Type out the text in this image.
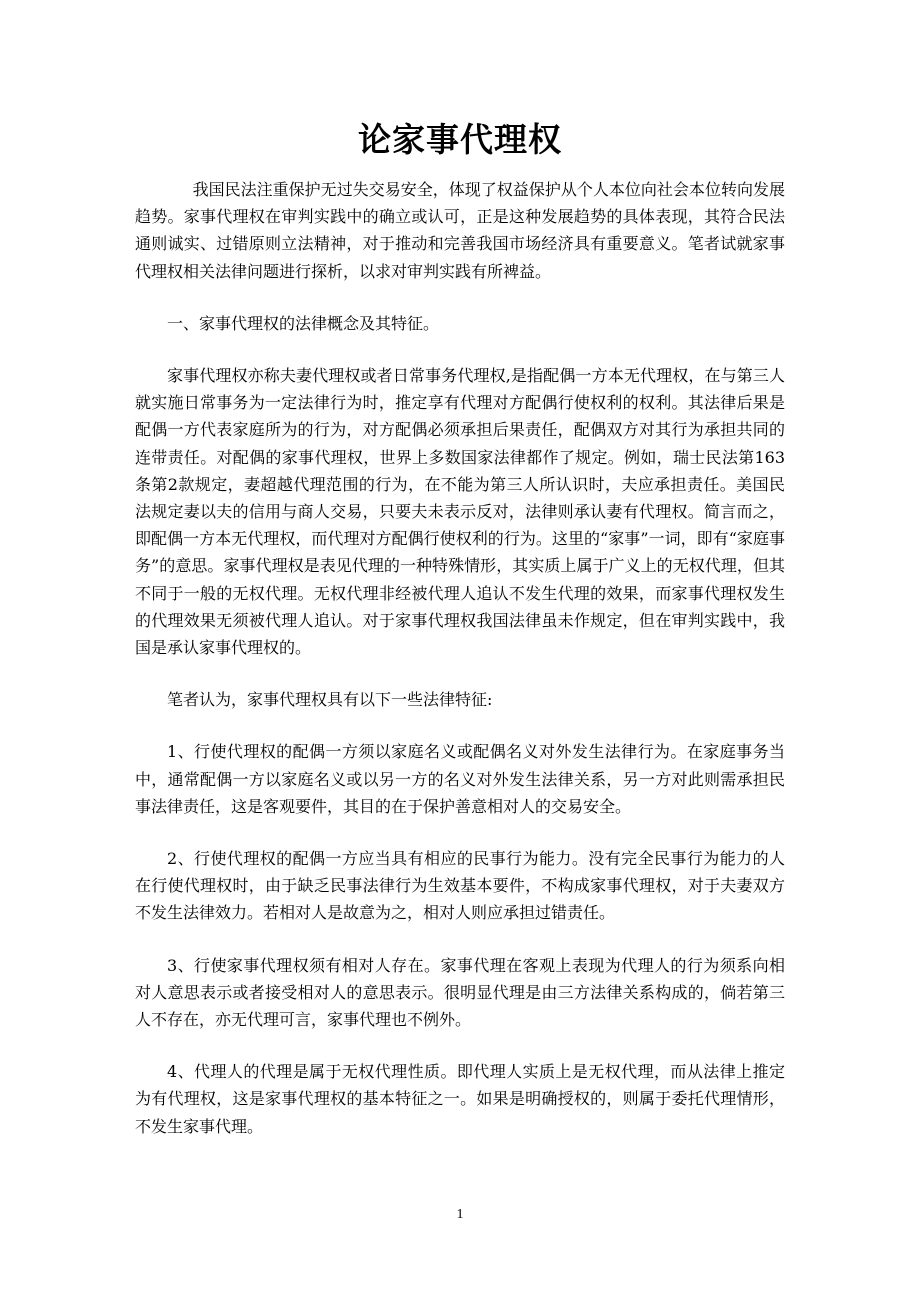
论家事代理权

我国民法注重保护无过失交易安全，体现了权益保护从个人本位向社会本位转向发展趋势。家事代理权在审判实践中的确立或认可，正是这种发展趋势的具体表现，其符合民法通则诚实、过错原则立法精神，对于推动和完善我国市场经济具有重要意义。笔者试就家事代理权相关法律问题进行探析，以求对审判实践有所裨益。

一、家事代理权的法律概念及其特征。

家事代理权亦称夫妻代理权或者日常事务代理权,是指配偶一方本无代理权，在与第三人就实施日常事务为一定法律行为时，推定享有代理对方配偶行使权利的权利。其法律后果是配偶一方代表家庭所为的行为，对方配偶必须承担后果责任，配偶双方对其行为承担共同的连带责任。对配偶的家事代理权，世界上多数国家法律都作了规定。例如，瑞士民法第163条第2款规定，妻超越代理范围的行为，在不能为第三人所认识时，夫应承担责任。美国民法规定妻以夫的信用与商人交易，只要夫未表示反对，法律则承认妻有代理权。简言而之，即配偶一方本无代理权，而代理对方配偶行使权利的行为。这里的“家事”一词，即有“家庭事务”的意思。家事代理权是表见代理的一种特殊情形，其实质上属于广义上的无权代理，但其不同于一般的无权代理。无权代理非经被代理人追认不发生代理的效果，而家事代理权发生的代理效果无须被代理人追认。对于家事代理权我国法律虽未作规定，但在审判实践中，我国是承认家事代理权的。

笔者认为，家事代理权具有以下一些法律特征:

1、行使代理权的配偶一方须以家庭名义或配偶名义对外发生法律行为。在家庭事务当中，通常配偶一方以家庭名义或以另一方的名义对外发生法律关系，另一方对此则需承担民事法律责任，这是客观要件，其目的在于保护善意相对人的交易安全。

2、行使代理权的配偶一方应当具有相应的民事行为能力。没有完全民事行为能力的人在行使代理权时，由于缺乏民事法律行为生效基本要件，不构成家事代理权，对于夫妻双方不发生法律效力。若相对人是故意为之，相对人则应承担过错责任。

3、行使家事代理权须有相对人存在。家事代理在客观上表现为代理人的行为须系向相对人意思表示或者接受相对人的意思表示。很明显代理是由三方法律关系构成的，倘若第三人不存在，亦无代理可言，家事代理也不例外。

4、代理人的代理是属于无权代理性质。即代理人实质上是无权代理，而从法律上推定为有代理权，这是家事代理权的基本特征之一。如果是明确授权的，则属于委托代理情形，不发生家事代理。

1
